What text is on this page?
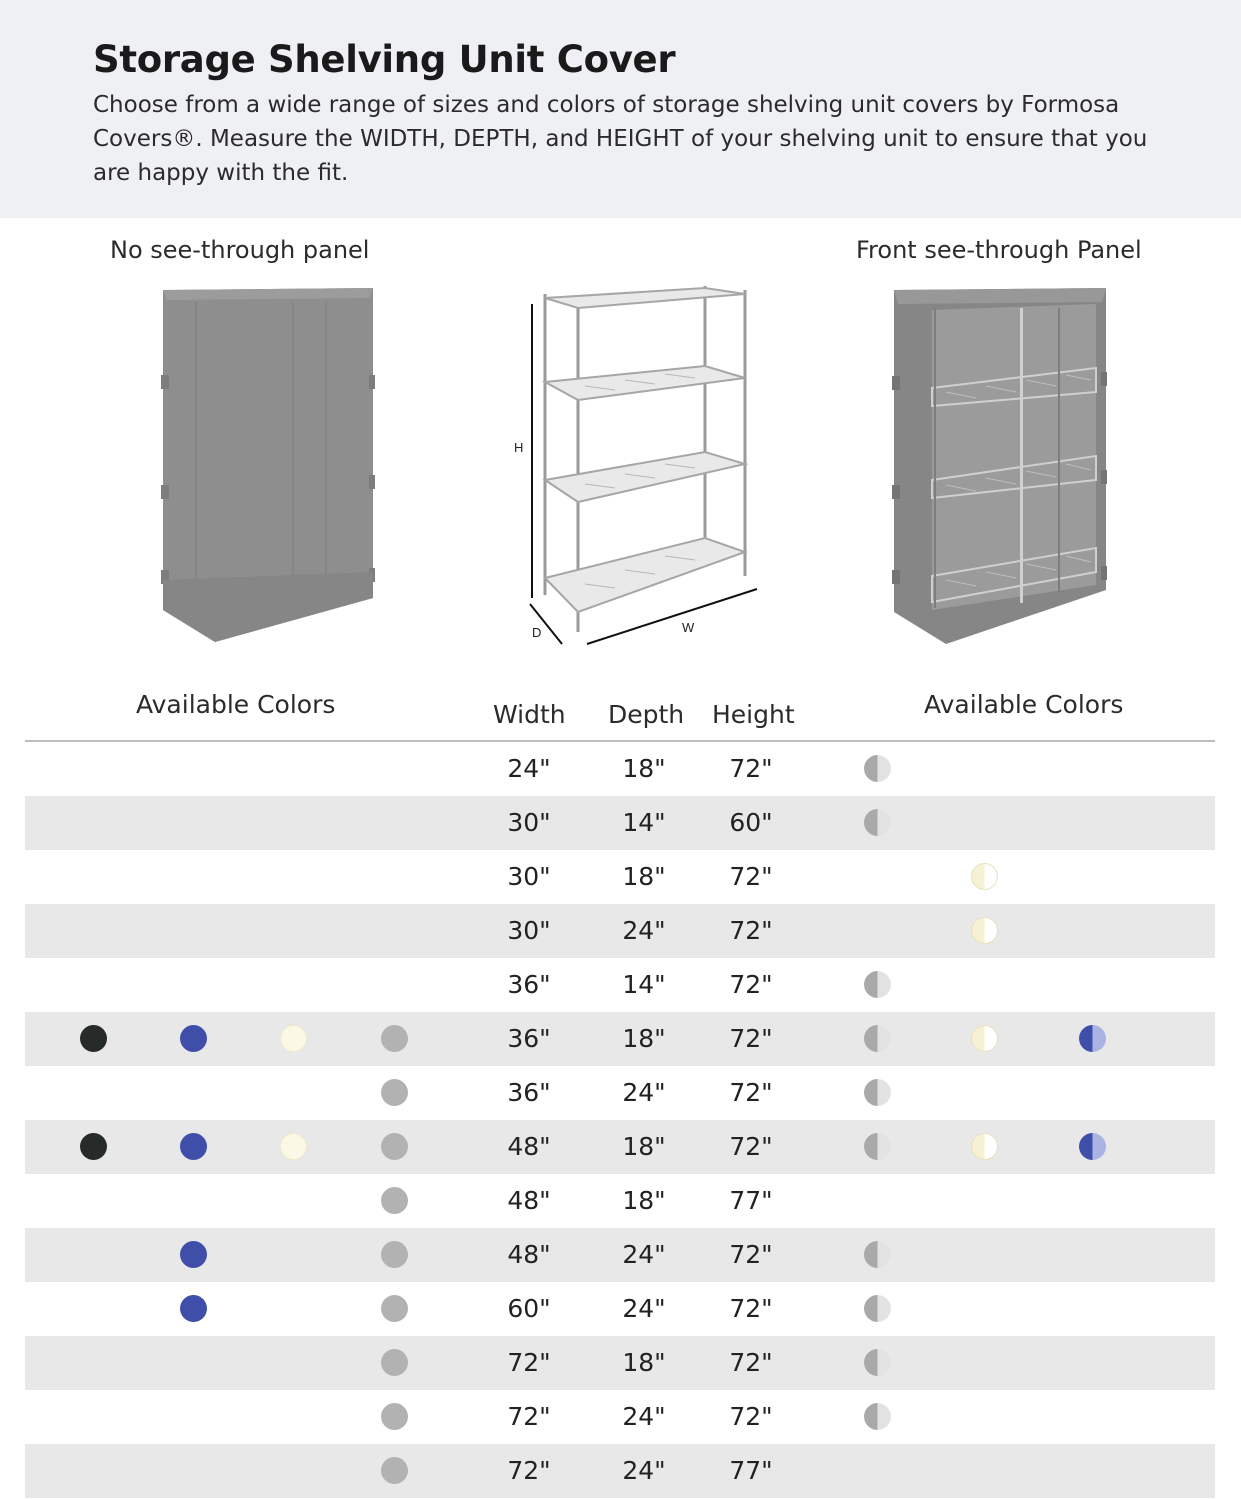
Storage Shelving Unit Cover

Choose from a wide range of sizes and colors of storage shelving unit covers by Formosa Covers®. Measure the WIDTH, DEPTH, and HEIGHT of your shelving unit to ensure that you are happy with the fit.

No see-through panel	Front see-through Panel
H
D	W
Available Colors	Available Colors
Width Depth Height
24"	18"	72"
30"	14"	60"
30"	18"	72"
30"	24"	72"
36"	14"	72"
36"	18"	72"
36"	24"	72"
48"	18"	72"
48"	18"	77"
48"	24"	72"
60"	24"	72"
72"	18"	72"
72"	24"	72"
72"	24"	77"
